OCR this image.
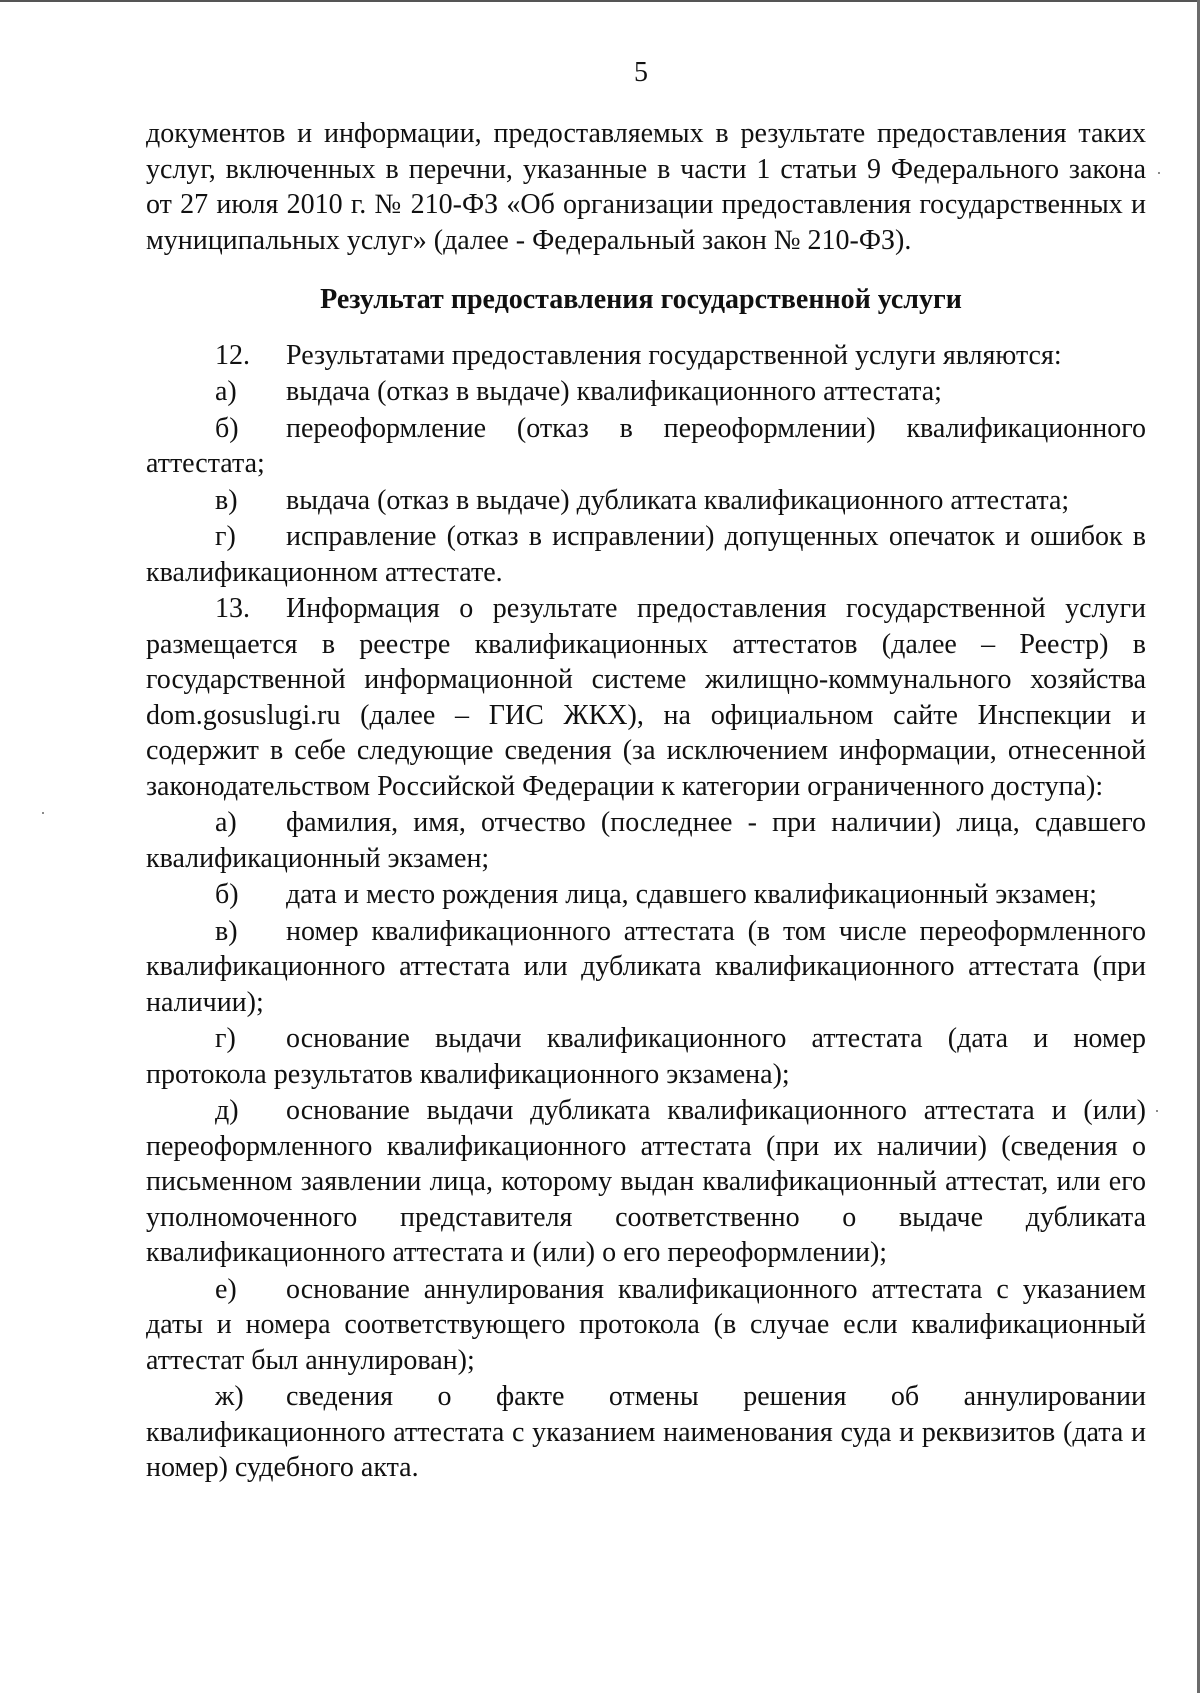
5

документов и информации, предоставляемых в результате предоставления таких услуг, включенных в перечни, указанные в части 1 статьи 9 Федерального закона от 27 июля 2010 г. № 210-ФЗ «Об организации предоставления государственных и муниципальных услуг» (далее - Федеральный закон № 210-ФЗ).

Результат предоставления государственной услуги

12. Результатами предоставления государственной услуги являются:

а) выдача (отказ в выдаче) квалификационного аттестата;

б) переоформление (отказ в переоформлении) квалификационного аттестата;

в) выдача (отказ в выдаче) дубликата квалификационного аттестата;

г) исправление (отказ в исправлении) допущенных опечаток и ошибок в квалификационном аттестате.

13. Информация о результате предоставления государственной услуги размещается в реестре квалификационных аттестатов (далее – Реестр) в государственной информационной системе жилищно-коммунального хозяйства dom.gosuslugi.ru (далее – ГИС ЖКХ), на официальном сайте Инспекции и содержит в себе следующие сведения (за исключением информации, отнесенной законодательством Российской Федерации к категории ограниченного доступа):

а) фамилия, имя, отчество (последнее - при наличии) лица, сдавшего квалификационный экзамен;

б) дата и место рождения лица, сдавшего квалификационный экзамен;

в) номер квалификационного аттестата (в том числе переоформленного квалификационного аттестата или дубликата квалификационного аттестата (при наличии);

г) основание выдачи квалификационного аттестата (дата и номер протокола результатов квалификационного экзамена);

д) основание выдачи дубликата квалификационного аттестата и (или) переоформленного квалификационного аттестата (при их наличии) (сведения о письменном заявлении лица, которому выдан квалификационный аттестат, или его уполномоченного представителя соответственно о выдаче дубликата квалификационного аттестата и (или) о его переоформлении);

е) основание аннулирования квалификационного аттестата с указанием даты и номера соответствующего протокола (в случае если квалификационный аттестат был аннулирован);

ж) сведения о факте отмены решения об аннулировании квалификационного аттестата с указанием наименования суда и реквизитов (дата и номер) судебного акта.
